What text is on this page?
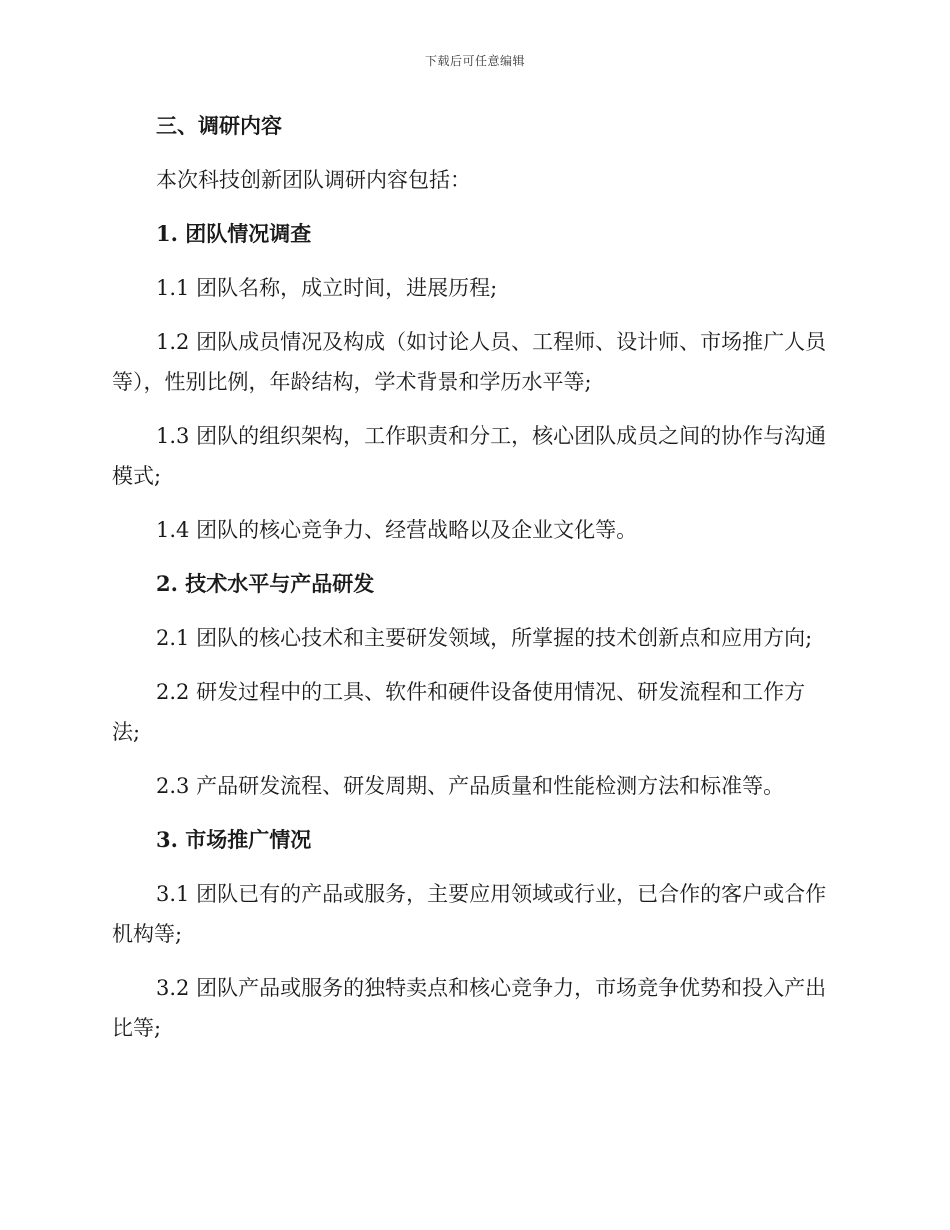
下载后可任意编辑

三、调研内容

本次科技创新团队调研内容包括：

1. 团队情况调查

1.1 团队名称，成立时间，进展历程;

1.2 团队成员情况及构成（如讨论人员、工程师、设计师、市场推广人员

等），性别比例，年龄结构，学术背景和学历水平等;

1.3 团队的组织架构，工作职责和分工，核心团队成员之间的协作与沟通

模式;

1.4 团队的核心竞争力、经营战略以及企业文化等。

2. 技术水平与产品研发

2.1 团队的核心技术和主要研发领域，所掌握的技术创新点和应用方向;

2.2 研发过程中的工具、软件和硬件设备使用情况、研发流程和工作方

法;

2.3 产品研发流程、研发周期、产品质量和性能检测方法和标准等。

3. 市场推广情况

3.1 团队已有的产品或服务，主要应用领域或行业，已合作的客户或合作

机构等;

3.2 团队产品或服务的独特卖点和核心竞争力，市场竞争优势和投入产出

比等;
